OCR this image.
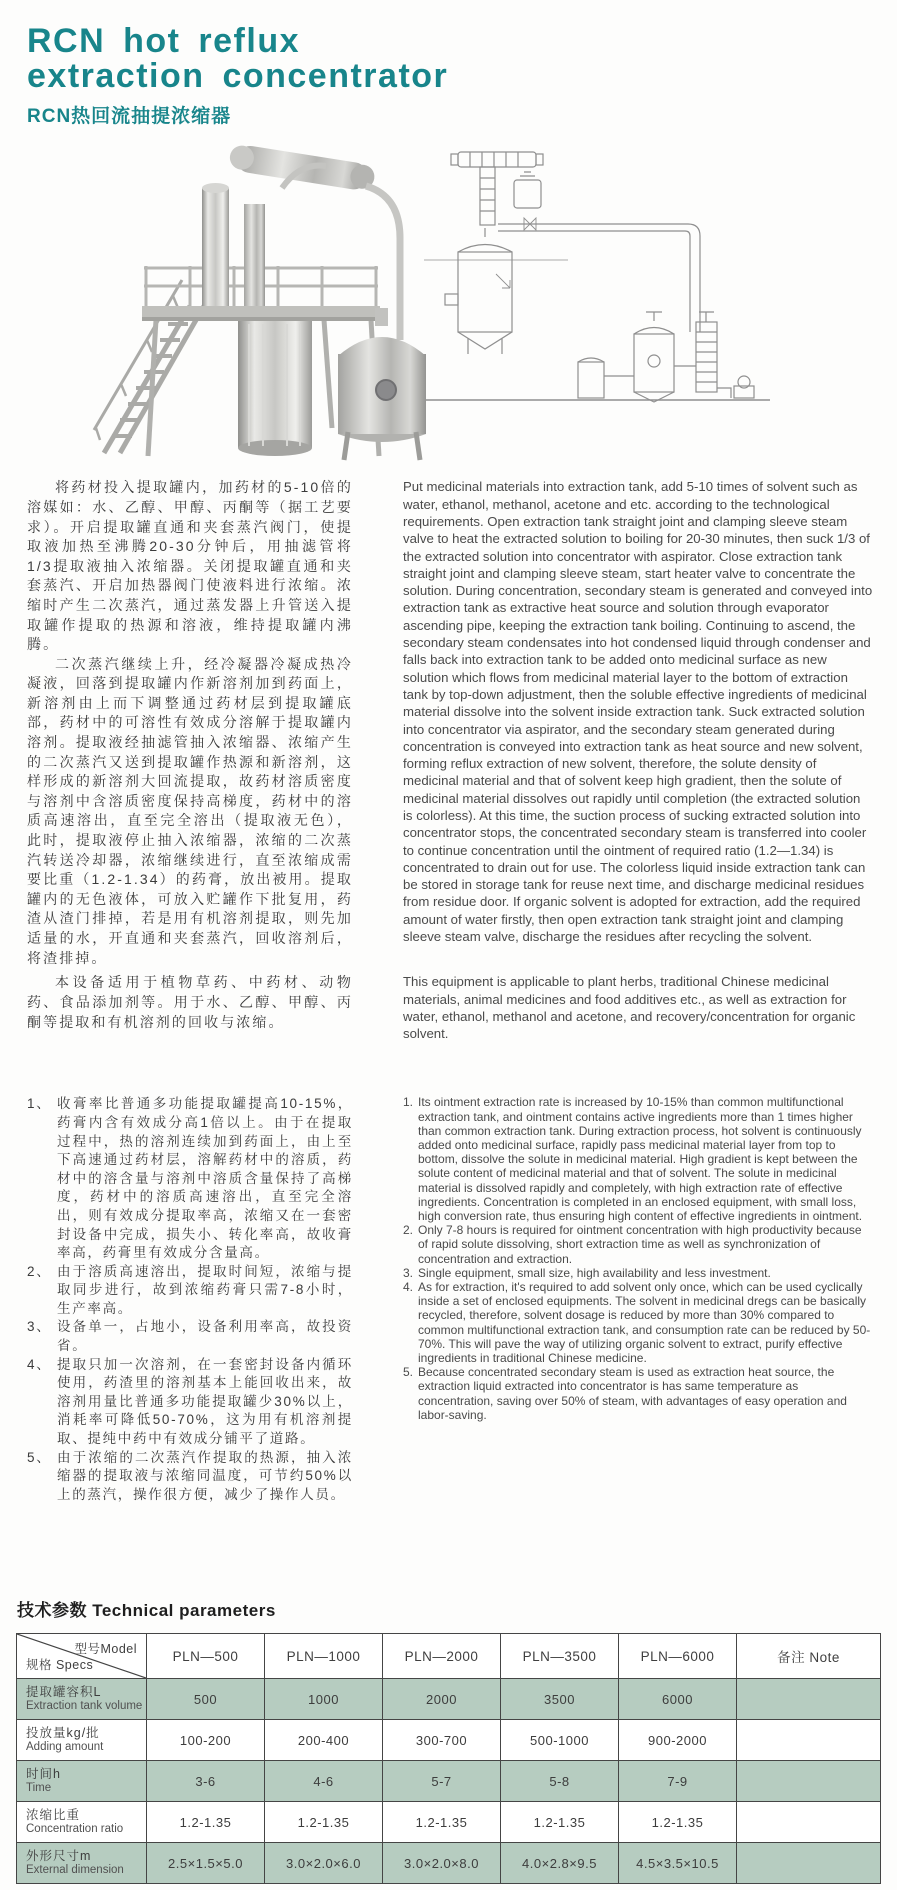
RCN hot reflux
extraction concentrator
RCN热回流抽提浓缩器

将药材投入提取罐内，加药材的5-10倍的溶媒如：水、乙醇、甲醇、丙酮等（据工艺要求）。开启提取罐直通和夹套蒸汽阀门，使提取液加热至沸腾20-30分钟后，用抽滤管将1/3提取液抽入浓缩器。关闭提取罐直通和夹套蒸汽、开启加热器阀门使液料进行浓缩。浓缩时产生二次蒸汽，通过蒸发器上升管送入提取罐作提取的热源和溶液，维持提取罐内沸腾。

二次蒸汽继续上升，经冷凝器冷凝成热冷凝液，回落到提取罐内作新溶剂加到药面上，新溶剂由上而下调整通过药材层到提取罐底部，药材中的可溶性有效成分溶解于提取罐内溶剂。提取液经抽滤管抽入浓缩器、浓缩产生的二次蒸汽又送到提取罐作热源和新溶剂，这样形成的新溶剂大回流提取，故药材溶质密度与溶剂中含溶质密度保持高梯度，药材中的溶质高速溶出，直至完全溶出（提取液无色），此时，提取液停止抽入浓缩器，浓缩的二次蒸汽转送冷却器，浓缩继续进行，直至浓缩成需要比重（1.2-1.34）的药膏，放出被用。提取罐内的无色液体，可放入贮罐作下批复用，药渣从渣门排掉，若是用有机溶剂提取，则先加适量的水，开直通和夹套蒸汽，回收溶剂后，将渣排掉。

Put medicinal materials into extraction tank, add 5-10 times of solvent such as water, ethanol, methanol, acetone and etc. according to the technological requirements. Open extraction tank straight joint and clamping sleeve steam valve to heat the extracted solution to boiling for 20-30 minutes, then suck 1/3 of the extracted solution into concentrator with aspirator. Close extraction tank straight joint and clamping sleeve steam, start heater valve to concentrate the solution. During concentration, secondary steam is generated and conveyed into extraction tank as extractive heat source and solution through evaporator ascending pipe, keeping the extraction tank boiling. Continuing to ascend, the secondary steam condensates into hot condensed liquid through condenser and falls back into extraction tank to be added onto medicinal surface as new solution which flows from medicinal material layer to the bottom of extraction tank by top-down adjustment, then the soluble effective ingredients of medicinal material dissolve into the solvent inside extraction tank. Suck extracted solution into concentrator via aspirator, and the secondary steam generated during concentration is conveyed into extraction tank as heat source and new solvent, forming reflux extraction of new solvent, therefore, the solute density of medicinal material and that of solvent keep high gradient, then the solute of medicinal material dissolves out rapidly until completion (the extracted solution is colorless). At this time, the suction process of sucking extracted solution into concentrator stops, the concentrated secondary steam is transferred into cooler to continue concentration until the ointment of required ratio (1.2—1.34) is concentrated to drain out for use. The colorless liquid inside extraction tank can be stored in storage tank for reuse next time, and discharge medicinal residues from residue door. If organic solvent is adopted for extraction, add the required amount of water firstly, then open extraction tank straight joint and clamping sleeve steam valve, discharge the residues after recycling the solvent.

本设备适用于植物草药、中药材、动物药、食品添加剂等。用于水、乙醇、甲醇、丙酮等提取和有机溶剂的回收与浓缩。

This equipment is applicable to plant herbs, traditional Chinese medicinal materials, animal medicines and food additives etc., as well as extraction for water, ethanol, methanol and acetone, and recovery/concentration for organic solvent.

1、 收膏率比普通多功能提取罐提高10-15%，药膏内含有效成分高1倍以上。由于在提取过程中，热的溶剂连续加到药面上，由上至下高速通过药材层，溶解药材中的溶质，药材中的溶含量与溶剂中溶质含量保持了高梯度，药材中的溶质高速溶出，直至完全溶出，则有效成分提取率高，浓缩又在一套密封设备中完成，损失小、转化率高，故收膏率高，药膏里有效成分含量高。
2、 由于溶质高速溶出，提取时间短，浓缩与提取同步进行，故到浓缩药膏只需7-8小时，生产率高。
3、 设备单一，占地小，设备利用率高，故投资省。
4、 提取只加一次溶剂，在一套密封设备内循环使用，药渣里的溶剂基本上能回收出来，故溶剂用量比普通多功能提取罐少30%以上，消耗率可降低50-70%，这为用有机溶剂提取、提纯中药中有效成分铺平了道路。
5、 由于浓缩的二次蒸汽作提取的热源，抽入浓缩器的提取液与浓缩同温度，可节约50%以上的蒸汽，操作很方便，减少了操作人员。
1. Its ointment extraction rate is increased by 10-15% than common multifunctional extraction tank, and ointment contains active ingredients more than 1 times higher than common extraction tank. During extraction process, hot solvent is continuously added onto medicinal surface, rapidly pass medicinal material layer from top to bottom, dissolve the solute in medicinal material. High gradient is kept between the solute content of medicinal material and that of solvent. The solute in medicinal material is dissolved rapidly and completely, with high extraction rate of effective ingredients. Concentration is completed in an enclosed equipment, with small loss, high conversion rate, thus ensuring high content of effective ingredients in ointment.
2. Only 7-8 hours is required for ointment concentration with high productivity because of rapid solute dissolving, short extraction time as well as synchronization of concentration and extraction.
3. Single equipment, small size, high availability and less investment.
4. As for extraction, it's required to add solvent only once, which can be used cyclically inside a set of enclosed equipments. The solvent in medicinal dregs can be basically recycled, therefore, solvent dosage is reduced by more than 30% compared to common multifunctional extraction tank, and consumption rate can be reduced by 50-70%. This will pave the way of utilizing organic solvent to extract, purify effective ingredients in traditional Chinese medicine.
5. Because concentrated secondary steam is used as extraction heat source, the extraction liquid extracted into concentrator is has same temperature as concentration, saving over 50% of steam, with advantages of easy operation and labor-saving.
技术参数 Technical parameters
型号Model
规格 Specs	PLN—500	PLN—1000	PLN—2000	PLN—3500	PLN—6000	备注 Note

提取罐容积L
Extraction tank volume	500	1000	2000	3500	6000	

投放量kg/批
Adding amount	100-200	200-400	300-700	500-1000	900-2000	

时间h
Time	3-6	4-6	5-7	5-8	7-9	

浓缩比重
Concentration ratio	1.2-1.35	1.2-1.35	1.2-1.35	1.2-1.35	1.2-1.35	

外形尺寸m
External dimension	2.5×1.5×5.0	3.0×2.0×6.0	3.0×2.0×8.0	4.0×2.8×9.5	4.5×3.5×10.5	
